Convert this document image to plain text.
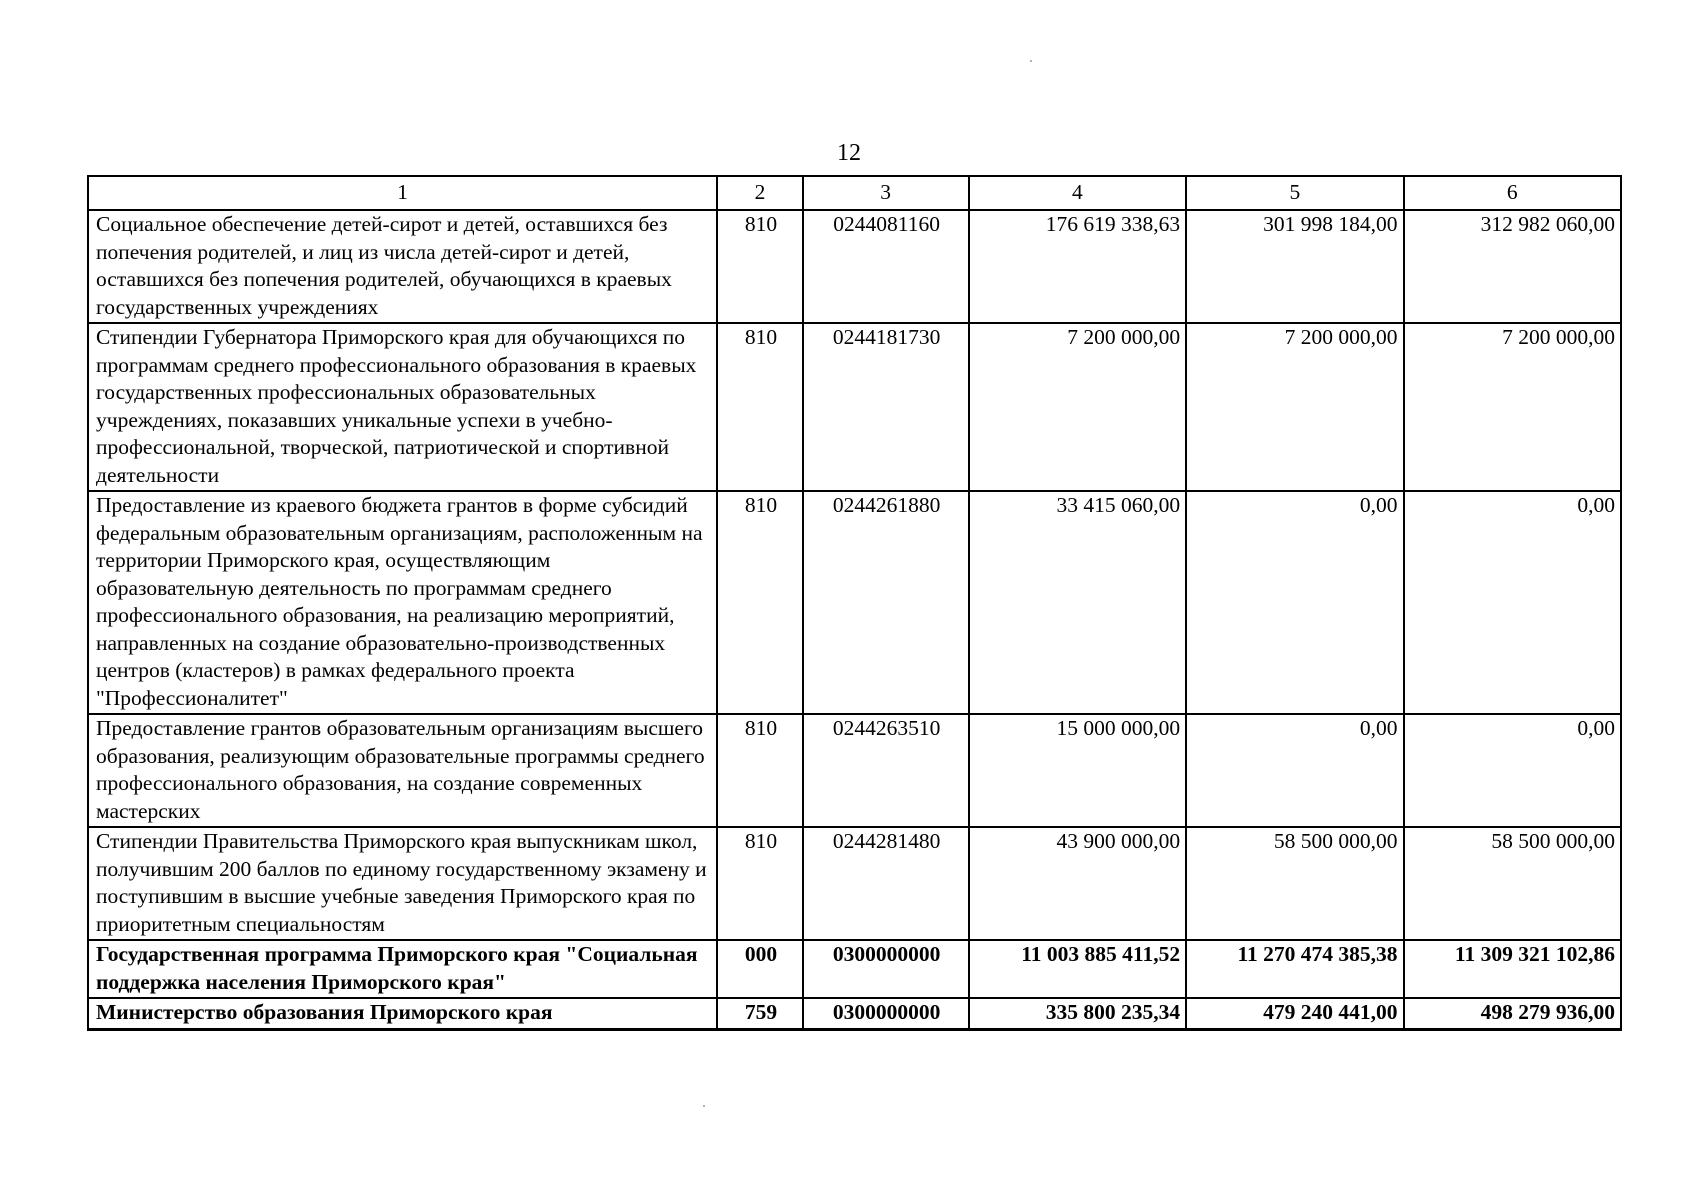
12
1	2	3	4	5	6
Социальное обеспечение детей-сирот и детей, оставшихся без попечения родителей, и лиц из числа детей-сирот и детей, оставшихся без попечения родителей, обучающихся в краевых государственных учреждениях	810	0244081160	176 619 338,63	301 998 184,00	312 982 060,00
Стипендии Губернатора Приморского края для обучающихся по программам среднего профессионального образования в краевых государственных профессиональных образовательных учреждениях, показавших уникальные успехи в учебно-профессиональной, творческой, патриотической и спортивной деятельности	810	0244181730	7 200 000,00	7 200 000,00	7 200 000,00
Предоставление из краевого бюджета грантов в форме субсидий федеральным образовательным организациям, расположенным на территории Приморского края, осуществляющим образовательную деятельность по программам среднего профессионального образования, на реализацию мероприятий, направленных на создание образовательно-производственных центров (кластеров) в рамках федерального проекта "Профессионалитет"	810	0244261880	33 415 060,00	0,00	0,00
Предоставление грантов образовательным организациям высшего образования, реализующим образовательные программы среднего профессионального образования, на создание современных мастерских	810	0244263510	15 000 000,00	0,00	0,00
Стипендии Правительства Приморского края выпускникам школ, получившим 200 баллов по единому государственному экзамену и поступившим в высшие учебные заведения Приморского края по приоритетным специальностям	810	0244281480	43 900 000,00	58 500 000,00	58 500 000,00
Государственная программа Приморского края "Социальная поддержка населения Приморского края"	000	0300000000	11 003 885 411,52	11 270 474 385,38	11 309 321 102,86
Министерство образования Приморского края	759	0300000000	335 800 235,34	479 240 441,00	498 279 936,00
